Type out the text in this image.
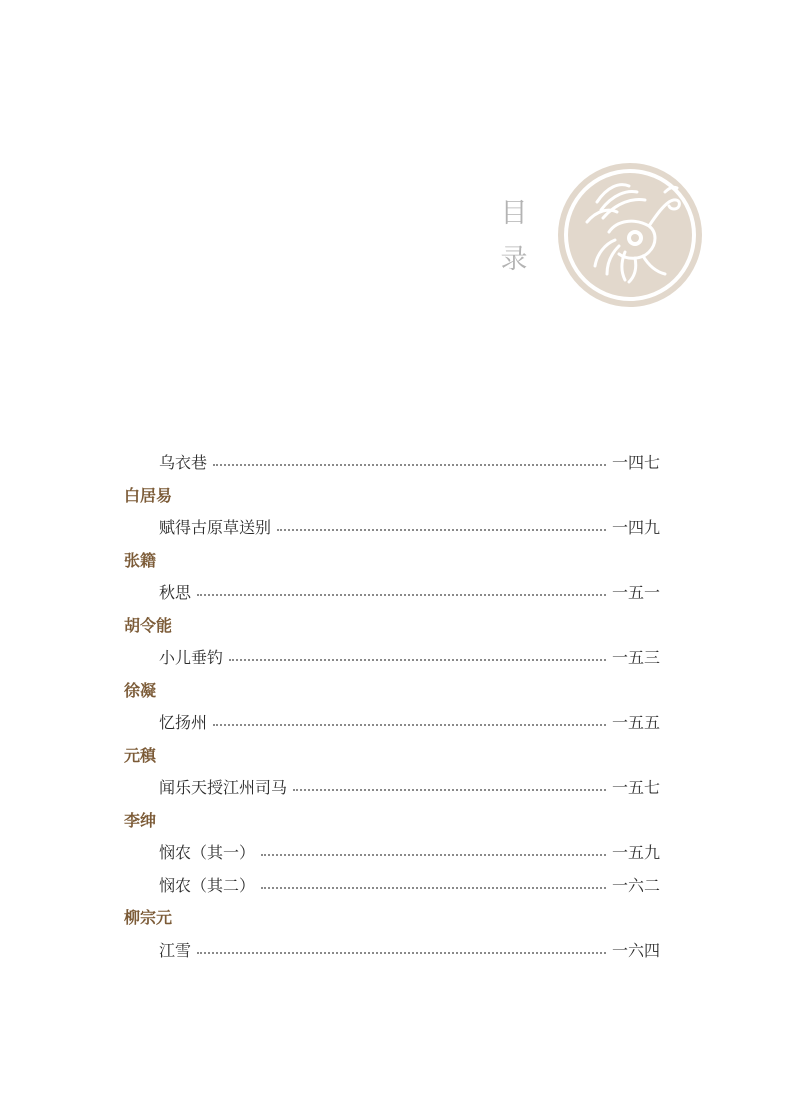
目
录
乌衣巷	一四七
白居易
赋得古原草送别	一四九
张籍
秋思	一五一
胡令能
小儿垂钓	一五三
徐凝
忆扬州	一五五
元稹
闻乐天授江州司马	一五七
李绅
悯农（其一）	一五九
悯农（其二）	一六二
柳宗元
江雪	一六四
